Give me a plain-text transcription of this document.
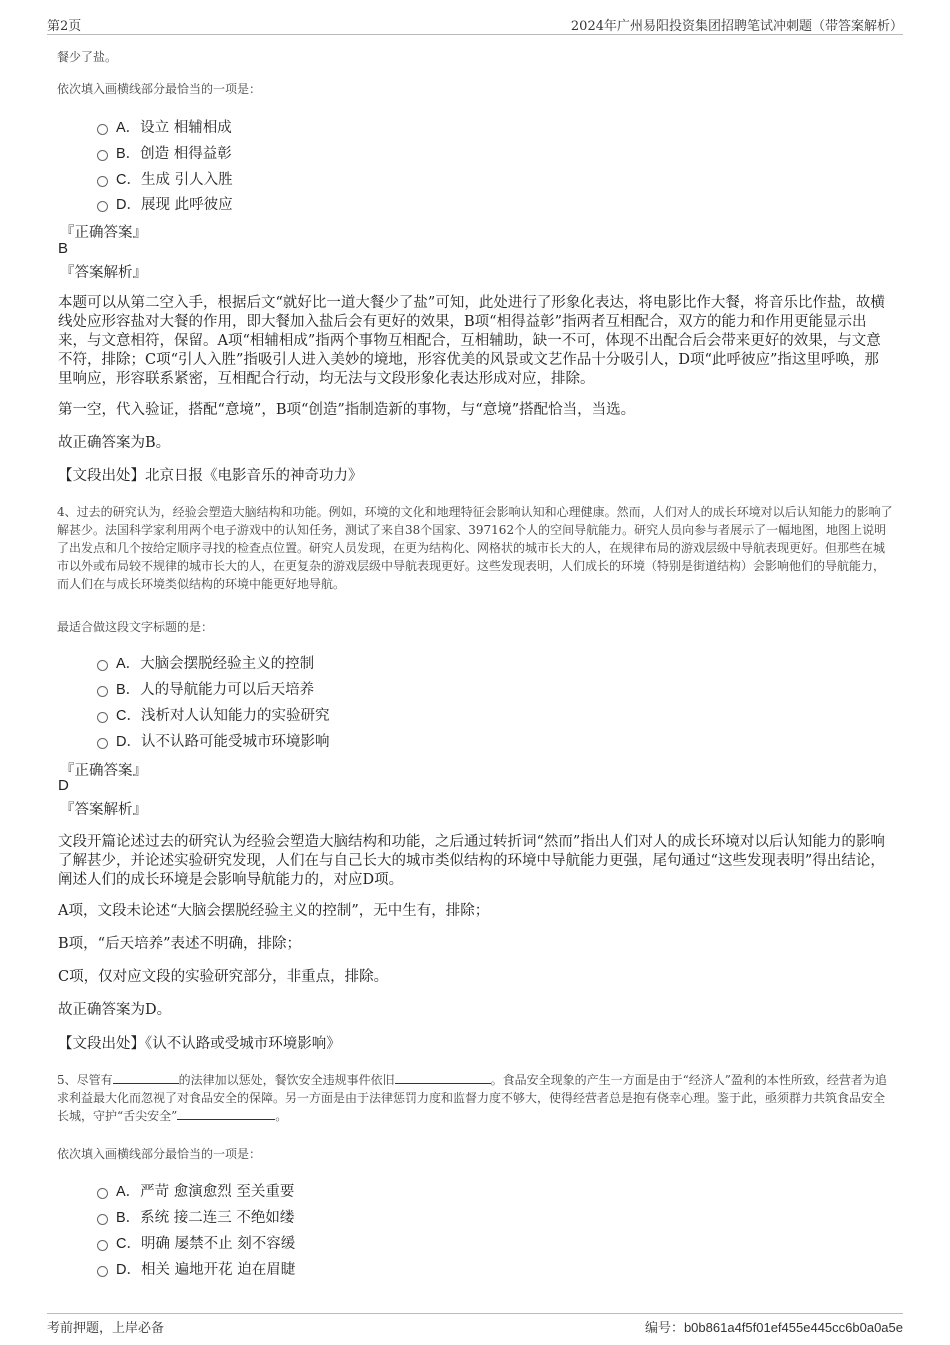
第2页	2024年广州易阳投资集团招聘笔试冲刺题（带答案解析）
餐少了盐。
依次填入画横线部分最恰当的一项是：
A．设立 相辅相成
B．创造 相得益彰
C．生成 引人入胜
D．展现 此呼彼应
『正确答案』
B
『答案解析』
本题可以从第二空入手，根据后文“就好比一道大餐少了盐”可知，此处进行了形象化表达，将电影比作大餐，将音乐比作盐，故横线处应形容盐对大餐的作用，即大餐加入盐后会有更好的效果，B项“相得益彰”指两者互相配合，双方的能力和作用更能显示出来，与文意相符，保留。A项“相辅相成”指两个事物互相配合，互相辅助，缺一不可，体现不出配合后会带来更好的效果，与文意不符，排除；C项“引人入胜”指吸引人进入美妙的境地，形容优美的风景或文艺作品十分吸引人，D项“此呼彼应”指这里呼唤，那里响应，形容联系紧密，互相配合行动，均无法与文段形象化表达形成对应，排除。
第一空，代入验证，搭配“意境”，B项“创造”指制造新的事物，与“意境”搭配恰当，当选。
故正确答案为B。
【文段出处】北京日报《电影音乐的神奇功力》
4、过去的研究认为，经验会塑造大脑结构和功能。例如，环境的文化和地理特征会影响认知和心理健康。然而，人们对人的成长环境对以后认知能力的影响了解甚少。法国科学家利用两个电子游戏中的认知任务，测试了来自38个国家、397162个人的空间导航能力。研究人员向参与者展示了一幅地图，地图上说明了出发点和几个按给定顺序寻找的检查点位置。研究人员发现，在更为结构化、网格状的城市长大的人，在规律布局的游戏层级中导航表现更好。但那些在城市以外或布局较不规律的城市长大的人，在更复杂的游戏层级中导航表现更好。这些发现表明，人们成长的环境（特别是街道结构）会影响他们的导航能力，而人们在与成长环境类似结构的环境中能更好地导航。
最适合做这段文字标题的是：
A．大脑会摆脱经验主义的控制
B．人的导航能力可以后天培养
C．浅析对人认知能力的实验研究
D．认不认路可能受城市环境影响
『正确答案』
D
『答案解析』
文段开篇论述过去的研究认为经验会塑造大脑结构和功能，之后通过转折词“然而”指出人们对人的成长环境对以后认知能力的影响了解甚少，并论述实验研究发现，人们在与自己长大的城市类似结构的环境中导航能力更强，尾句通过“这些发现表明”得出结论，阐述人们的成长环境是会影响导航能力的，对应D项。
A项，文段未论述“大脑会摆脱经验主义的控制”，无中生有，排除；
B项，“后天培养”表述不明确，排除；
C项，仅对应文段的实验研究部分，非重点，排除。
故正确答案为D。
【文段出处】《认不认路或受城市环境影响》
5、尽管有	的法律加以惩处，餐饮安全违规事件依旧	。食品安全现象的产生一方面是由于“经济人”盈利的本性所致，经营者为追求利益最大化而忽视了对食品安全的保障。另一方面是由于法律惩罚力度和监督力度不够大，使得经营者总是抱有侥幸心理。鉴于此，亟须群力共筑食品安全长城，守护“舌尖安全”	。
依次填入画横线部分最恰当的一项是：
A．严苛 愈演愈烈 至关重要
B．系统 接二连三 不绝如缕
C．明确 屡禁不止 刻不容缓
D．相关 遍地开花 迫在眉睫
考前押题，上岸必备	编号：b0b861a4f5f01ef455e445cc6b0a0a5e
